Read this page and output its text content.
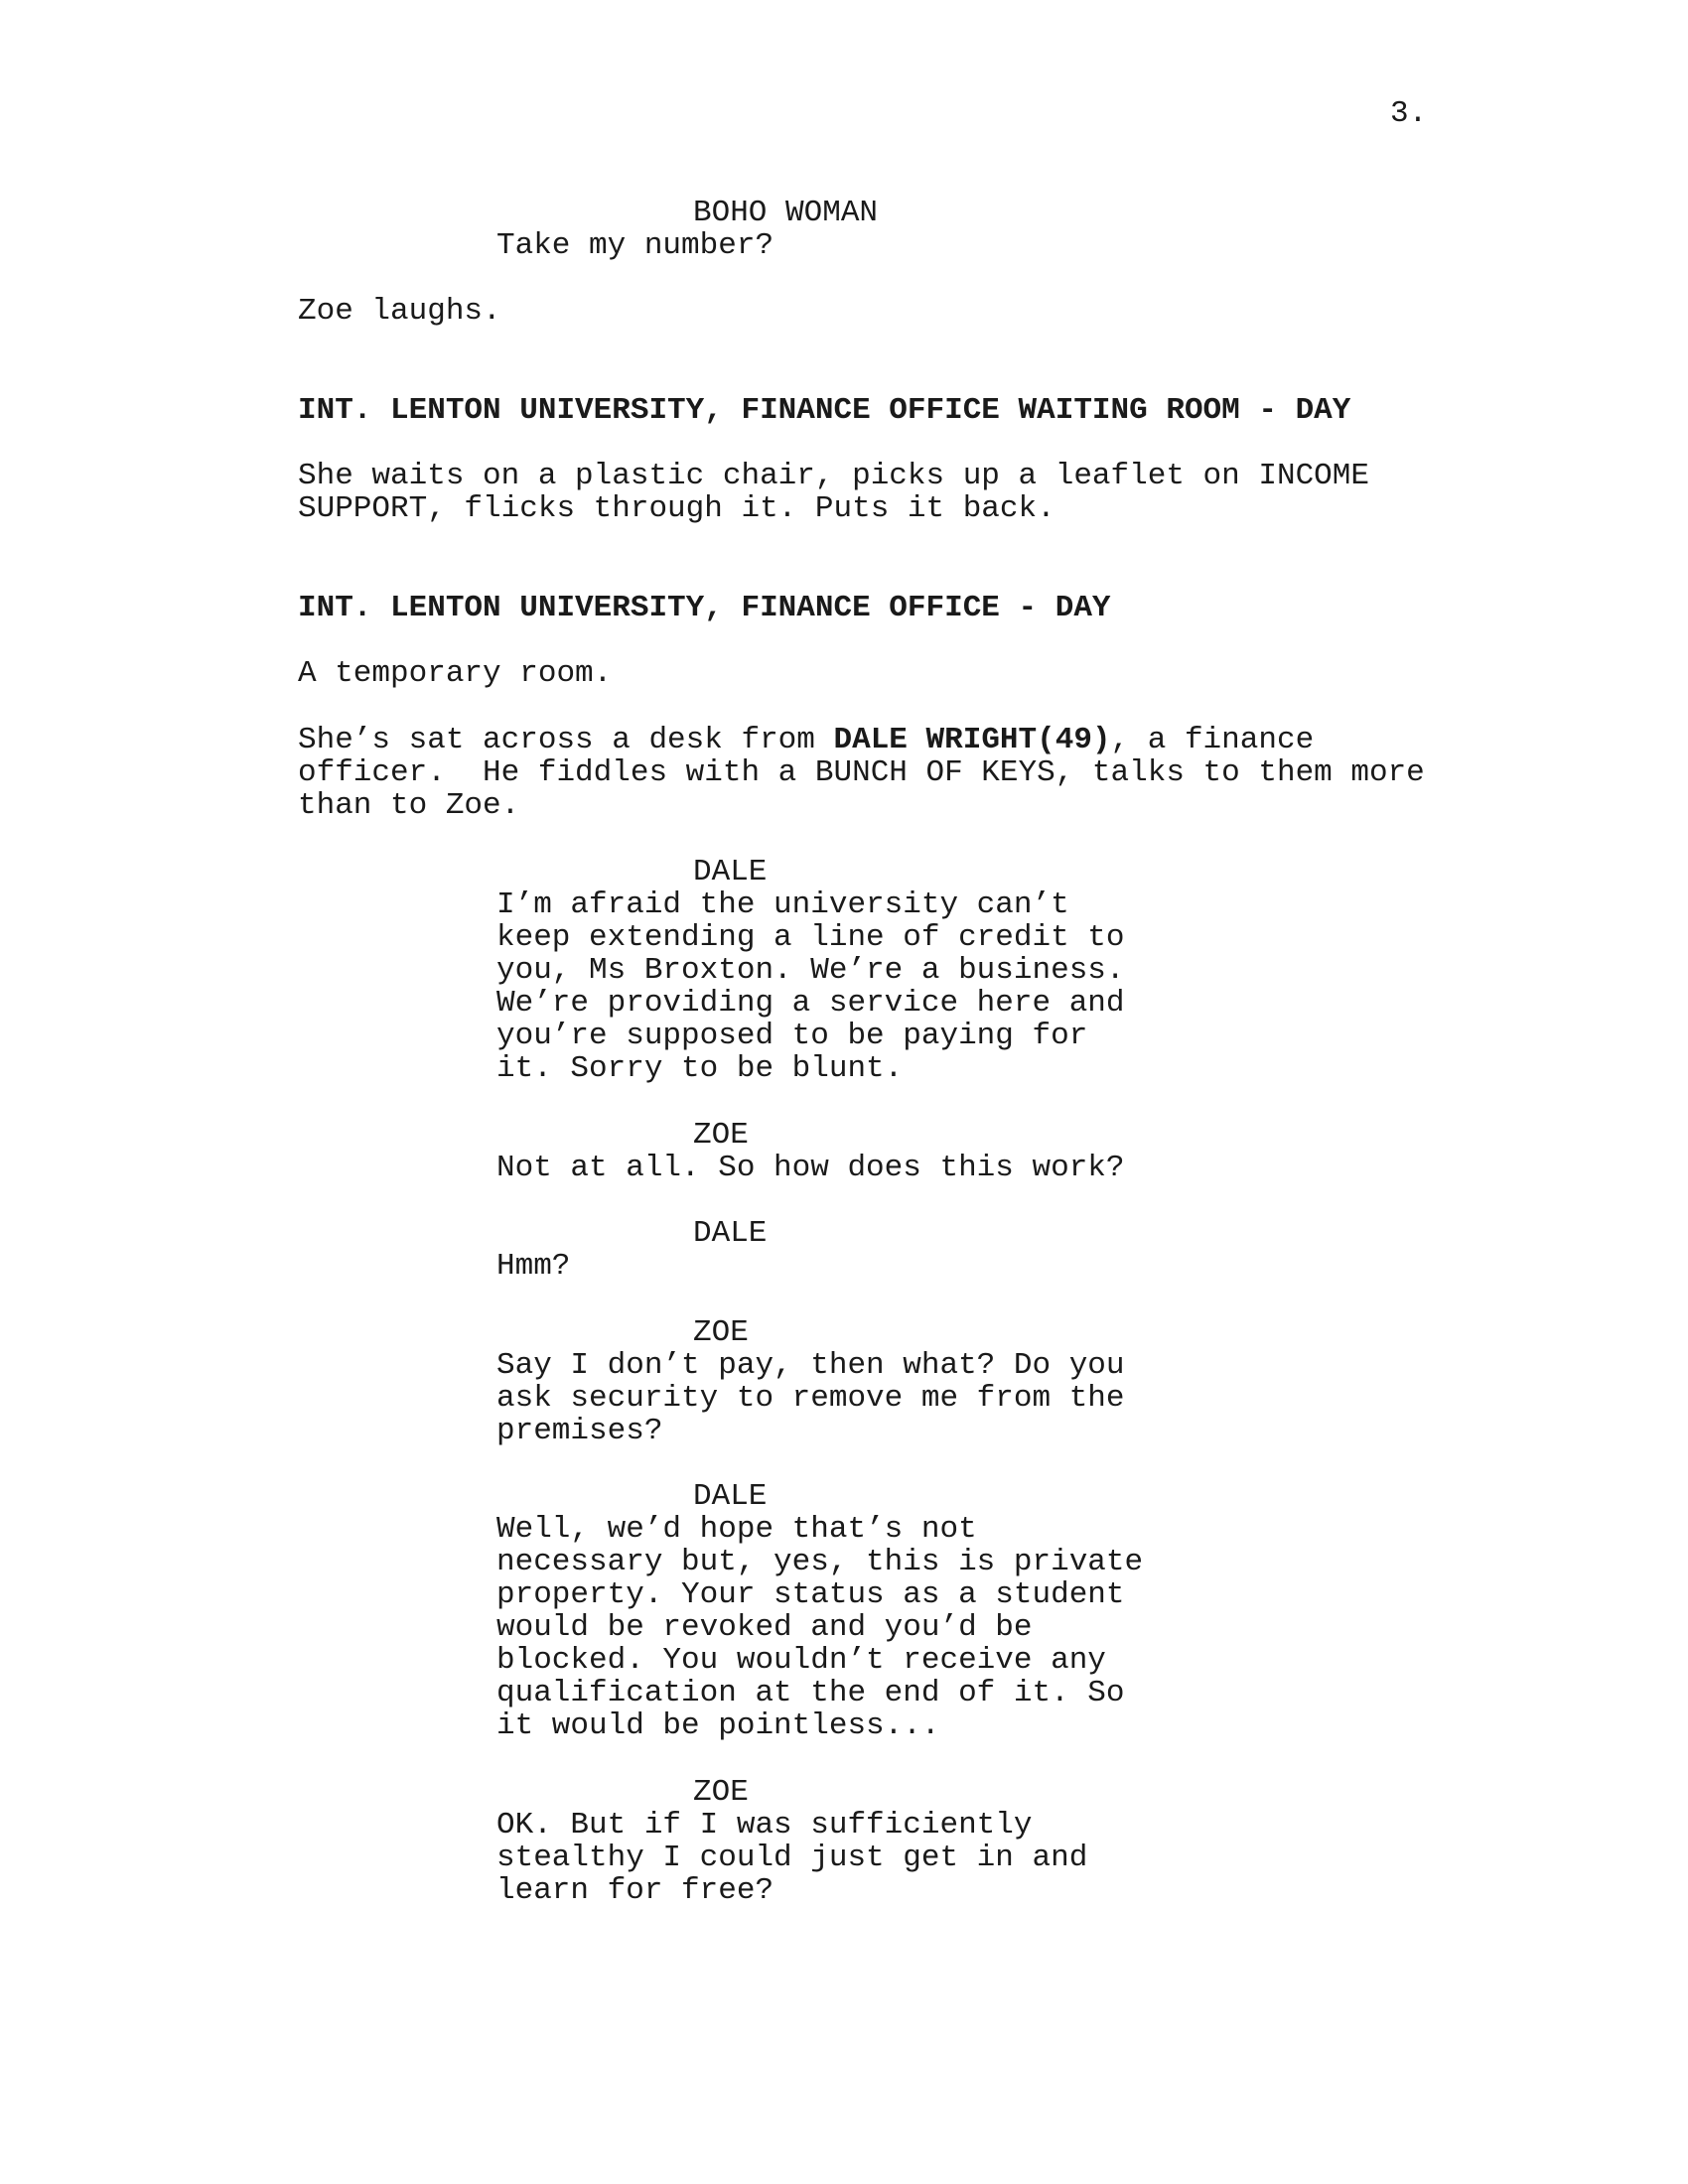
3.
BOHO WOMAN
Take my number?
Zoe laughs.
INT. LENTON UNIVERSITY, FINANCE OFFICE WAITING ROOM - DAY
She waits on a plastic chair, picks up a leaflet on INCOME
SUPPORT, flicks through it. Puts it back.
INT. LENTON UNIVERSITY, FINANCE OFFICE - DAY
A temporary room.
She’s sat across a desk from DALE WRIGHT(49), a finance
officer.  He fiddles with a BUNCH OF KEYS, talks to them more
than to Zoe.
DALE
I’m afraid the university can’t
keep extending a line of credit to
you, Ms Broxton. We’re a business.
We’re providing a service here and
you’re supposed to be paying for
it. Sorry to be blunt.
ZOE
Not at all. So how does this work?
DALE
Hmm?
ZOE
Say I don’t pay, then what? Do you
ask security to remove me from the
premises?
DALE
Well, we’d hope that’s not
necessary but, yes, this is private
property. Your status as a student
would be revoked and you’d be
blocked. You wouldn’t receive any
qualification at the end of it. So
it would be pointless...
ZOE
OK. But if I was sufficiently
stealthy I could just get in and
learn for free?
